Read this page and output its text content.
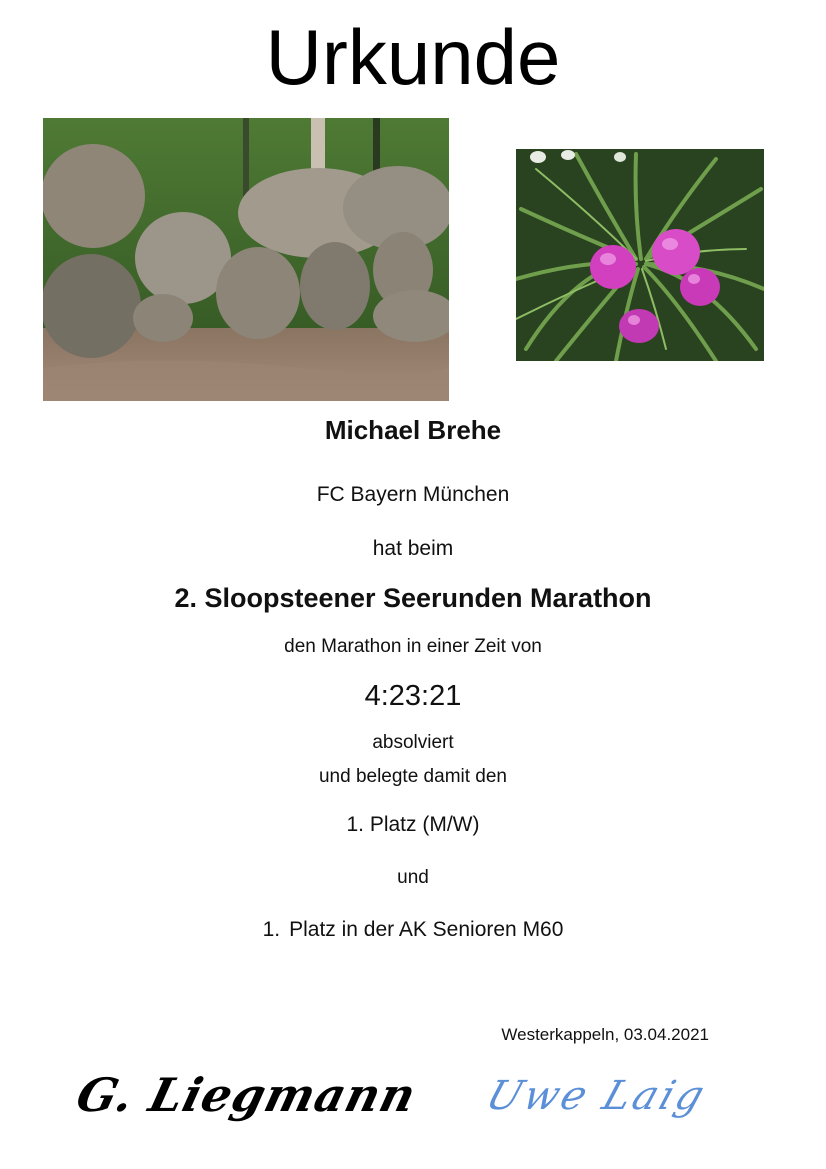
Urkunde
Michael Brehe
FC Bayern München
hat beim
2. Sloopsteener Seerunden Marathon
den Marathon in einer Zeit von
4:23:21
absolviert
und belegte damit den
1. Platz (M/W)
und
1. Platz in der AK Senioren M60
Westerkappeln, 03.04.2021
G. Liegmann Uwe Laig
